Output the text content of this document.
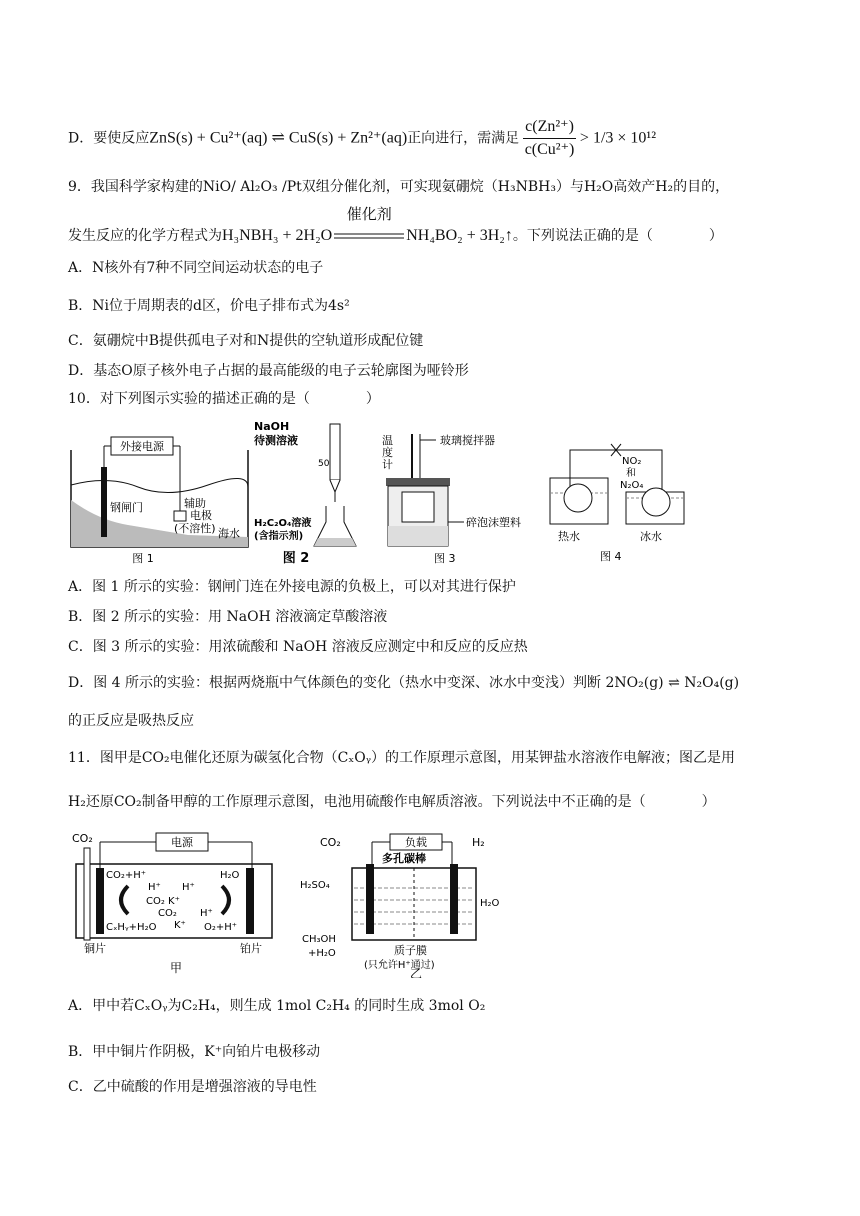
D．要使反应ZnS(s) + Cu²⁺(aq) ⇌ CuS(s) + Zn²⁺(aq)正向进行，需满足 $\frac{\text{c(Zn²⁺)}}{\text{c(Cu²⁺)}} > 1/3 \times 10^{12}$
9．我国科学家构建的NiO/ Al₂O₃ /Pt双组分催化剂，可实现氨硼烷（H₃NBH₃）与H₂O高效产H₂的目的，
发生反应的化学方程式为H₃NBH₃ + 2H₂O
催化剂
NH₄BO₂ + 3H₂↑。下列说法正确的是（　　　　）
A．N核外有7种不同空间运动状态的电子
B．Ni位于周期表的d区，价电子排布式为4s²
C．氨硼烷中B提供孤电子对和N提供的空轨道形成配位键
D．基态O原子核外电子占据的最高能级的电子云轮廓图为哑铃形
10．对下列图示实验的描述正确的是（　　　　）
外接电源
钢闸门	辅助
电极
(不溶性) 海水
图 1
NaOH
待测溶液
50
H₂C₂O₄溶液
(含指示剂)
图 2
温
度
计
玻璃搅拌器
碎泡沫塑料
图 3
NO₂
和
N₂O₄
热水	冰水
图 4
A．图 1 所示的实验：钢闸门连在外接电源的负极上，可以对其进行保护
B．图 2 所示的实验：用 NaOH 溶液滴定草酸溶液
C．图 3 所示的实验：用浓硫酸和 NaOH 溶液反应测定中和反应的反应热
D．图 4 所示的实验：根据两烧瓶中气体颜色的变化（热水中变深、冰水中变浅）判断 2NO₂(g) ⇌ N₂O₄(g)
的正反应是吸热反应
11．图甲是CO₂电催化还原为碳氢化合物（CₓOᵧ）的工作原理示意图，用某钾盐水溶液作电解液；图乙是用
H₂还原CO₂制备甲醇的工作原理示意图，电池用硫酸作电解质溶液。下列说法中不正确的是（　　　　）
CO₂	电源
CO₂+H⁺
H⁺ H⁺
CO₂ K⁺
CO₂ H⁺
K⁺
CₓHᵧ+H₂O	O₂+H⁺
H₂O
铜片	铂片
甲
CO₂	负载	H₂
多孔碳棒
H₂SO₄
H₂O
CH₃OH
+H₂O	质子膜
(只允许H⁺通过)
乙
A．甲中若CₓOᵧ为C₂H₄，则生成 1mol C₂H₄ 的同时生成 3mol O₂
B．甲中铜片作阴极，K⁺向铂片电极移动
C．乙中硫酸的作用是增强溶液的导电性
